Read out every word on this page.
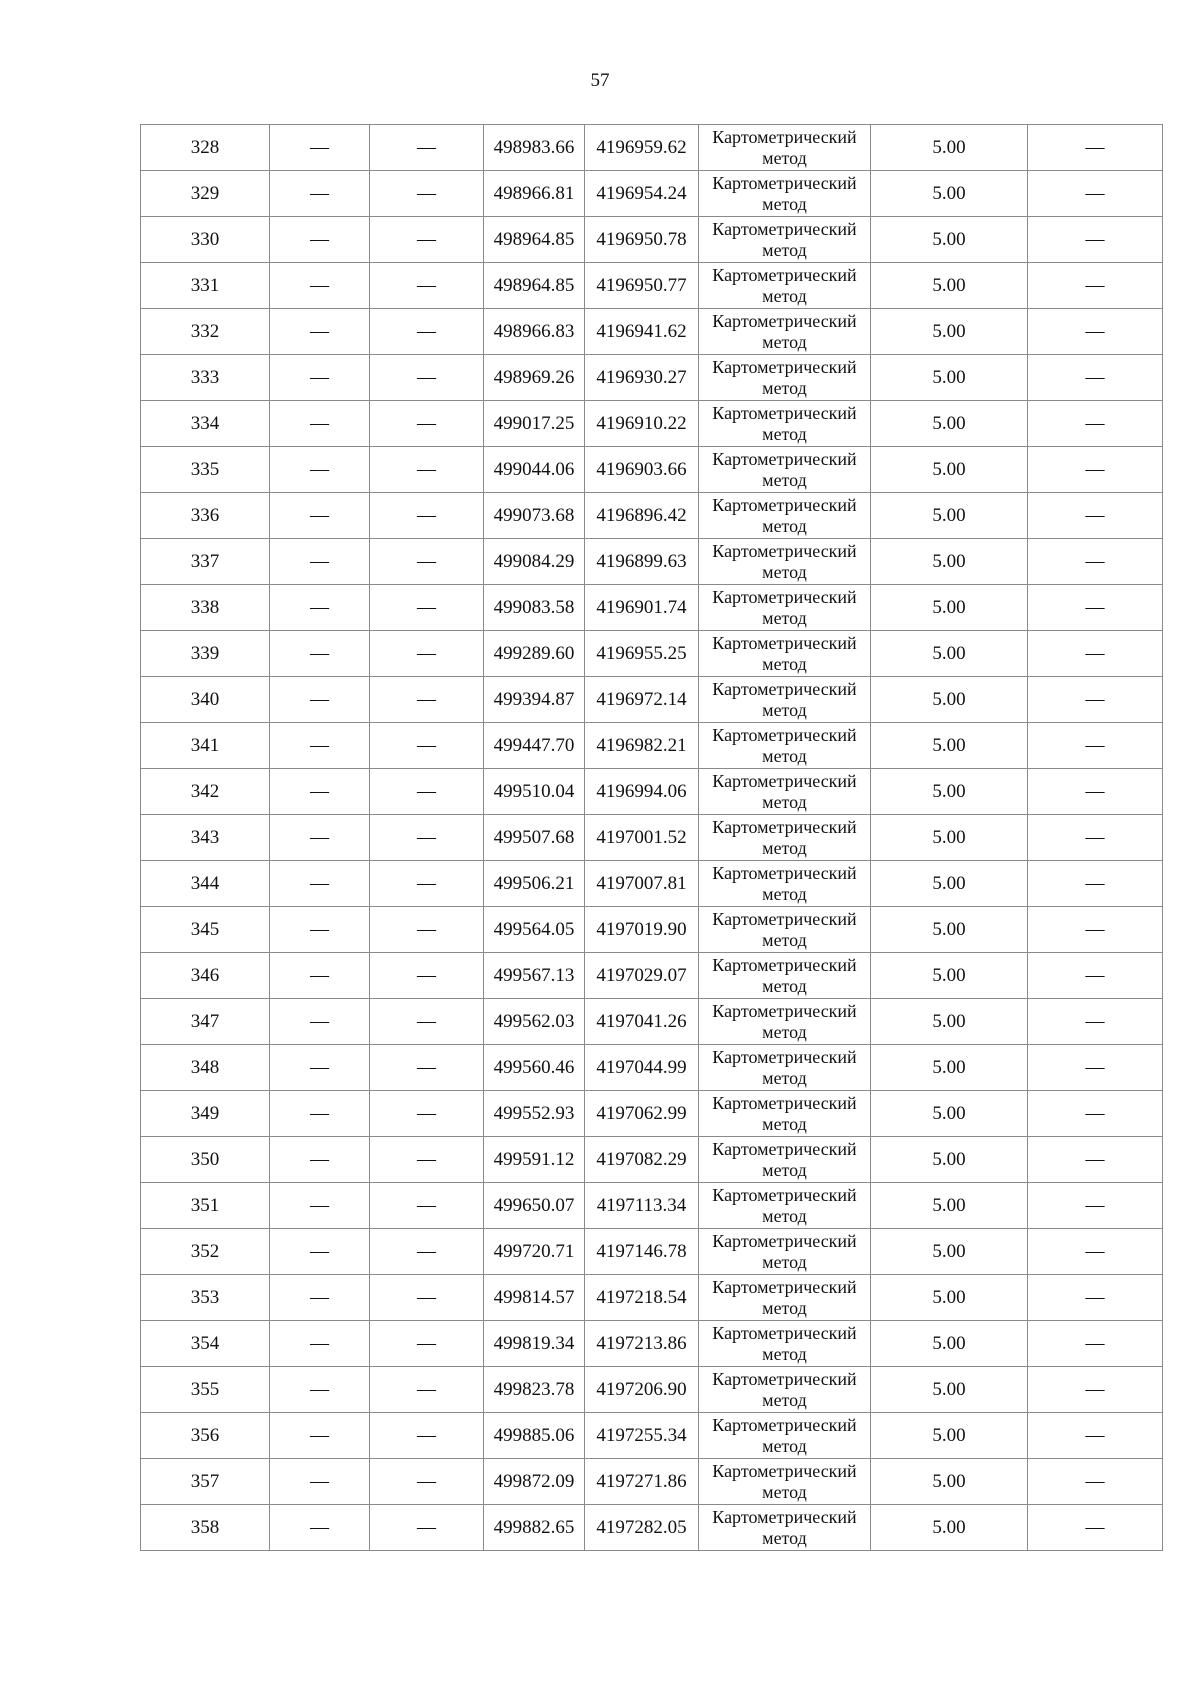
57
328	—	—	498983.66	4196959.62	Картометрический
метод	5.00	—
329	—	—	498966.81	4196954.24	Картометрический
метод	5.00	—
330	—	—	498964.85	4196950.78	Картометрический
метод	5.00	—
331	—	—	498964.85	4196950.77	Картометрический
метод	5.00	—
332	—	—	498966.83	4196941.62	Картометрический
метод	5.00	—
333	—	—	498969.26	4196930.27	Картометрический
метод	5.00	—
334	—	—	499017.25	4196910.22	Картометрический
метод	5.00	—
335	—	—	499044.06	4196903.66	Картометрический
метод	5.00	—
336	—	—	499073.68	4196896.42	Картометрический
метод	5.00	—
337	—	—	499084.29	4196899.63	Картометрический
метод	5.00	—
338	—	—	499083.58	4196901.74	Картометрический
метод	5.00	—
339	—	—	499289.60	4196955.25	Картометрический
метод	5.00	—
340	—	—	499394.87	4196972.14	Картометрический
метод	5.00	—
341	—	—	499447.70	4196982.21	Картометрический
метод	5.00	—
342	—	—	499510.04	4196994.06	Картометрический
метод	5.00	—
343	—	—	499507.68	4197001.52	Картометрический
метод	5.00	—
344	—	—	499506.21	4197007.81	Картометрический
метод	5.00	—
345	—	—	499564.05	4197019.90	Картометрический
метод	5.00	—
346	—	—	499567.13	4197029.07	Картометрический
метод	5.00	—
347	—	—	499562.03	4197041.26	Картометрический
метод	5.00	—
348	—	—	499560.46	4197044.99	Картометрический
метод	5.00	—
349	—	—	499552.93	4197062.99	Картометрический
метод	5.00	—
350	—	—	499591.12	4197082.29	Картометрический
метод	5.00	—
351	—	—	499650.07	4197113.34	Картометрический
метод	5.00	—
352	—	—	499720.71	4197146.78	Картометрический
метод	5.00	—
353	—	—	499814.57	4197218.54	Картометрический
метод	5.00	—
354	—	—	499819.34	4197213.86	Картометрический
метод	5.00	—
355	—	—	499823.78	4197206.90	Картометрический
метод	5.00	—
356	—	—	499885.06	4197255.34	Картометрический
метод	5.00	—
357	—	—	499872.09	4197271.86	Картометрический
метод	5.00	—
358	—	—	499882.65	4197282.05	Картометрический
метод	5.00	—
